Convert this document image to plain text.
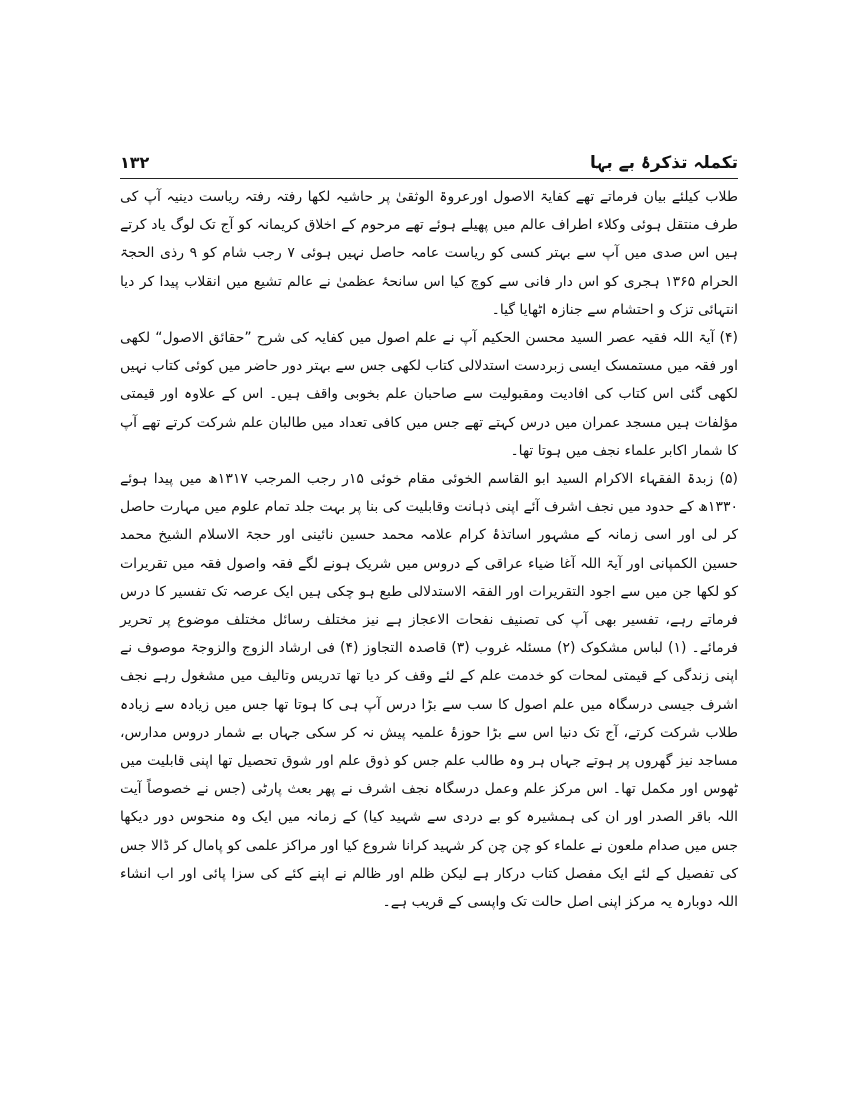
تکملہ تذکرۂ بے بہا
۱۳۲

طلاب کیلئے بیان فرماتے تھے کفایۃ الاصول اورعروۃ الوثقیٰ پر حاشیہ لکھا رفتہ رفتہ ریاست دینیہ آپ کی طرف منتقل ہوئی وکلاء اطراف عالم میں پھیلے ہوئے تھے مرحوم کے اخلاق کریمانہ کو آج تک لوگ یاد کرتے ہیں اس صدی میں آپ سے بہتر کسی کو ریاست عامہ حاصل نہیں ہوئی ۷ رجب شام کو ۹ رذی الحجۃ الحرام ۱۳۶۵ ہجری کو اس دار فانی سے کوچ کیا اس سانحۂ عظمیٰ نے عالم تشیع میں انقلاب پیدا کر دیا انتہائی تزک و احتشام سے جنازہ اٹھایا گیا۔

(۴) آیۃ اللہ فقیہ عصر السید محسن الحکیم آپ نے علم اصول میں کفایہ کی شرح ”حقائق الاصول“ لکھی اور فقہ میں مستمسک ایسی زبردست استدلالی کتاب لکھی جس سے بہتر دور حاضر میں کوئی کتاب نہیں لکھی گئی اس کتاب کی افادیت ومقبولیت سے صاحبان علم بخوبی واقف ہیں۔ اس کے علاوہ اور قیمتی مؤلفات ہیں مسجد عمران میں درس کہتے تھے جس میں کافی تعداد میں طالبان علم شرکت کرتے تھے آپ کا شمار اکابر علماء نجف میں ہوتا تھا۔

(۵) زبدۃ الفقہاء الاکرام السید ابو القاسم الخوئی مقام خوئی ۱۵ر رجب المرجب ۱۳۱۷ھ میں پیدا ہوئے ۱۳۳۰ھ کے حدود میں نجف اشرف آئے اپنی ذہانت وقابلیت کی بنا پر بہت جلد تمام علوم میں مہارت حاصل کر لی اور اسی زمانہ کے مشہور اساتذۂ کرام علامہ محمد حسین نائینی اور حجۃ الاسلام الشیخ محمد حسین الکمپانی اور آیۃ اللہ آغا ضیاء عراقی کے دروس میں شریک ہونے لگے فقہ واصول فقہ میں تقریرات کو لکھا جن میں سے اجود التقریرات اور الفقہ الاستدلالی طبع ہو چکی ہیں ایک عرصہ تک تفسیر کا درس فرماتے رہے، تفسیر بھی آپ کی تصنیف نفحات الاعجاز ہے نیز مختلف رسائل مختلف موضوع پر تحریر فرمائے۔ (۱) لباس مشکوک (۲) مسئلہ غروب (۳) قاصدہ التجاوز (۴) فی ارشاد الزوج والزوجۃ موصوف نے اپنی زندگی کے قیمتی لمحات کو خدمت علم کے لئے وقف کر دیا تھا تدریس وتالیف میں مشغول رہے نجف اشرف جیسی درسگاہ میں علم اصول کا سب سے بڑا درس آپ ہی کا ہوتا تھا جس میں زیادہ سے زیادہ طلاب شرکت کرتے، آج تک دنیا اس سے بڑا حوزۂ علمیہ پیش نہ کر سکی جہاں بے شمار دروس مدارس، مساجد نیز گھروں پر ہوتے جہاں ہر وہ طالب علم جس کو ذوق علم اور شوق تحصیل تھا اپنی قابلیت میں ٹھوس اور مکمل تھا۔ اس مرکز علم وعمل درسگاہ نجف اشرف نے پھر بعث پارٹی (جس نے خصوصاً آیت اللہ باقر الصدر اور ان کی ہمشیرہ کو بے دردی سے شہید کیا) کے زمانہ میں ایک وہ منحوس دور دیکھا جس میں صدام ملعون نے علماء کو چن چن کر شہید کرانا شروع کیا اور مراکز علمی کو پامال کر ڈالا جس کی تفصیل کے لئے ایک مفصل کتاب درکار ہے لیکن ظلم اور ظالم نے اپنے کئے کی سزا پائی اور اب انشاء اللہ دوبارہ یہ مرکز اپنی اصل حالت تک واپسی کے قریب ہے۔
